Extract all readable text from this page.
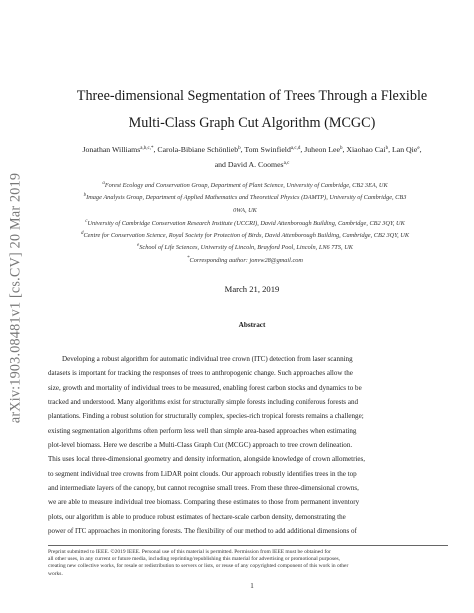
arXiv:1903.08481v1 [cs.CV] 20 Mar 2019
Three-dimensional Segmentation of Trees Through a Flexible
Multi-Class Graph Cut Algorithm (MCGC)
Jonathan Williams$^{a,b,c,*}$, Carola-Bibiane Schönlieb$^b$, Tom Swinfield$^{a,c,d}$, Juheon Lee$^b$, Xiaohao Cai$^b$, Lan Qie$^e$,
and David A. Coomes$^{a,c}$
$^a$Forest Ecology and Conservation Group, Department of Plant Science, University of Cambridge, CB2 3EA, UK
$^b$Image Analysis Group, Department of Applied Mathematics and Theoretical Physics (DAMTP), University of Cambridge, CB3
0WA, UK
$^c$University of Cambridge Conservation Research Institute (UCCRI), David Attenborough Building, Cambridge, CB2 3QY, UK
$^d$Centre for Conservation Science, Royal Society for Protection of Birds, David Attenborough Building, Cambridge, CB2 3QY, UK
$^e$School of Life Sciences, University of Lincoln, Brayford Pool, Lincoln, LN6 7TS, UK
*Corresponding author: jonvw28@gmail.com
March 21, 2019
Abstract
Developing a robust algorithm for automatic individual tree crown (ITC) detection from laser scanning
datasets is important for tracking the responses of trees to anthropogenic change. Such approaches allow the
size, growth and mortality of individual trees to be measured, enabling forest carbon stocks and dynamics to be
tracked and understood. Many algorithms exist for structurally simple forests including coniferous forests and
plantations. Finding a robust solution for structurally complex, species-rich tropical forests remains a challenge;
existing segmentation algorithms often perform less well than simple area-based approaches when estimating
plot-level biomass. Here we describe a Multi-Class Graph Cut (MCGC) approach to tree crown delineation.
This uses local three-dimensional geometry and density information, alongside knowledge of crown allometries,
to segment individual tree crowns from LiDAR point clouds. Our approach robustly identifies trees in the top
and intermediate layers of the canopy, but cannot recognise small trees. From these three-dimensional crowns,
we are able to measure individual tree biomass. Comparing these estimates to those from permanent inventory
plots, our algorithm is able to produce robust estimates of hectare-scale carbon density, demonstrating the
power of ITC approaches in monitoring forests. The flexibility of our method to add additional dimensions of
Preprint submitted to IEEE. ©2019 IEEE. Personal use of this material is permitted. Permission from IEEE must be obtained for
all other uses, in any current or future media, including reprinting/republishing this material for advertising or promotional purposes,
creating new collective works, for resale or redistribution to servers or lists, or reuse of any copyrighted component of this work in other
works.
1
